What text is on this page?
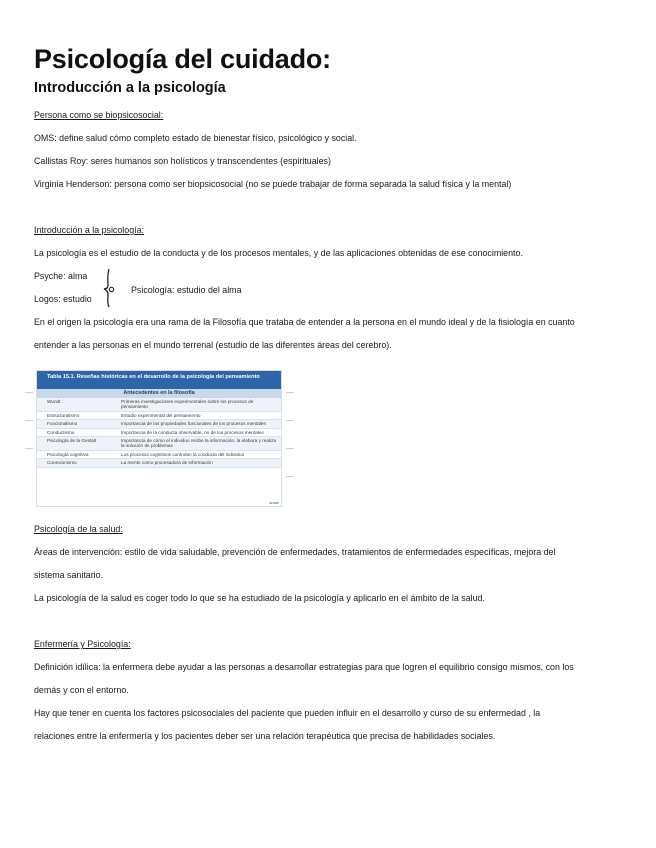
Psicología del cuidado:
Introducción a la psicología
Persona como se biopsicosocial:
OMS: define salud cómo completo estado de bienestar físico, psicológico y social.
Callistas Roy: seres humanos son holísticos y transcendentes (espirituales)
Virginia Henderson: persona como ser biopsicosocial (no se puede trabajar de forma separada la salud física y la mental)
Introducción a la psicología:
La psicología es el estudio de la conducta y de los procesos mentales, y de las aplicaciones obtenidas de ese conocimiento.
Psyche: alma
Logos: estudio
Psicología: estudio del alma
En el origen la psicología era una rama de la Filosofía que trataba de entender a la persona en el mundo ideal y de la fisiología en cuanto
entender a las personas en el mundo terrenal (estudio de las diferentes áreas del cerebro).
Tabla 15.1. Reseñas históricas en el desarrollo de la psicología del pensamiento
Antecedentes en la filosofía
Wundt	Primeras investigaciones experimentales sobre los procesos de pensamiento
Estructuralismo	Estudio experimental del pensamiento
Funcionalismo	Importancia de las propiedades funcionales de los procesos mentales
Conductismo	Importancia de la conducta observable, no de los procesos mentales
Psicología de la Gestalt	Importancia de cómo el individuo recibe la información, la elabora y realiza la solución de problemas
Psicología cognitiva	Los procesos cognitivos controlan la conducta del individuo
Conexionismo	La mente como procesadora de información
amaz
Psicología de la salud:
Áreas de intervención: estilo de vida saludable, prevención de enfermedades, tratamientos de enfermedades específicas, mejora del
sistema sanitario.
La psicología de la salud es coger todo lo que se ha estudiado de la psicología y aplicarlo en el ámbito de la salud.
Enfermería y Psicología:
Definición idílica: la enfermera debe ayudar a las personas a desarrollar estrategias para que logren el equilibrio consigo mismos, con los
demás y con el entorno.
Hay que tener en cuenta los factores psicosociales del paciente que pueden influir en el desarrollo y curso de su enfermedad , la
relaciones entre la enfermería y los pacientes deber ser una relación terapéutica que precisa de habilidades sociales.
